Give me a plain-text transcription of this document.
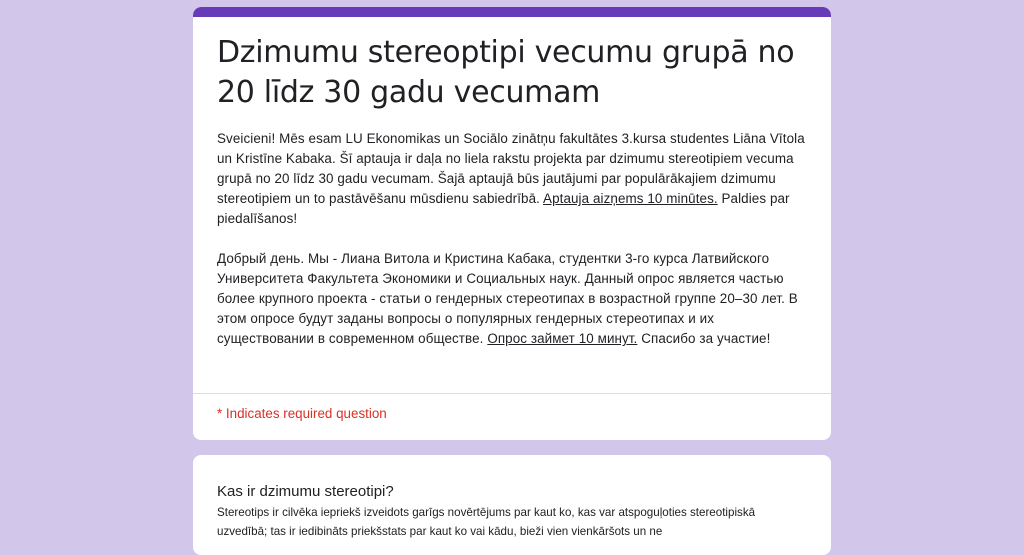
Dzimumu stereoptipi vecumu grupā no 20 līdz 30 gadu vecumam

Sveicieni! Mēs esam LU Ekonomikas un Sociālo zinātņu fakultātes 3.kursa studentes Liāna Vītola un Kristīne Kabaka. Šī aptauja ir daļa no liela rakstu projekta par dzimumu stereotipiem vecuma grupā no 20 līdz 30 gadu vecumam. Šajā aptaujā būs jautājumi par populārākajiem dzimumu stereotipiem un to pastāvēšanu mūsdienu sabiedrībā. Aptauja aizņems 10 minūtes. Paldies par piedalīšanos!

Добрый день. Мы - Лиана Витола и Кристина Кабака, студентки 3-го курса Латвийского Университета Факультета Экономики и Социальных наук. Данный опрос является частью более крупного проекта - статьи о гендерных стереотипах в возрастной группе 20–30 лет. В этом опросе будут заданы вопросы о популярных гендерных стереотипах и их существовании в современном обществе. Опрос займет 10 минут. Спасибо за участие!

* Indicates required question
Kas ir dzimumu stereotipi?

Stereotips ir cilvēka iepriekš izveidots garīgs novērtējums par kaut ko, kas var atspoguļoties stereotipiskā uzvedībā; tas ir iedibināts priekšstats par kaut ko vai kādu, bieži vien vienkāršots un ne
